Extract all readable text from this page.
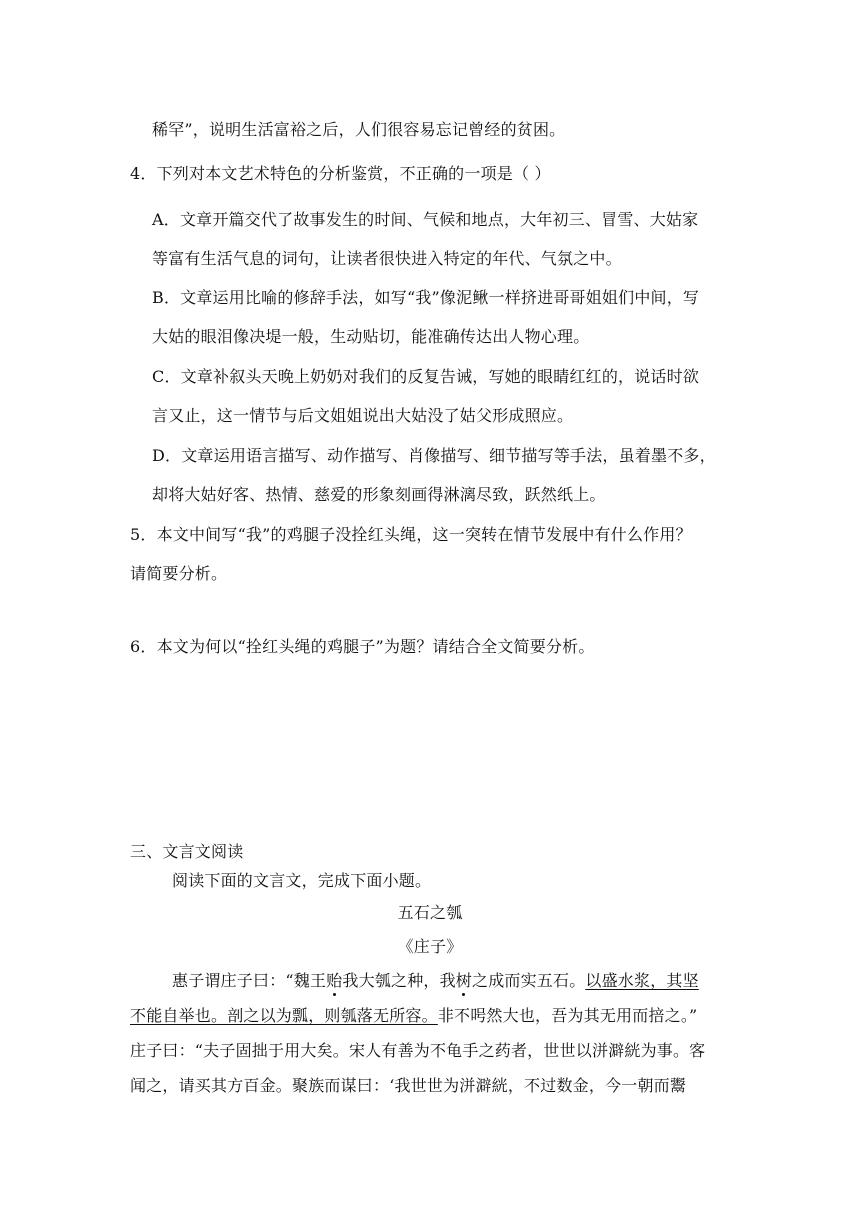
稀罕”，说明生活富裕之后，人们很容易忘记曾经的贫困。
4．下列对本文艺术特色的分析鉴赏，不正确的一项是（ ）
A．文章开篇交代了故事发生的时间、气候和地点，大年初三、冒雪、大姑家
等富有生活气息的词句，让读者很快进入特定的年代、气氛之中。
B．文章运用比喻的修辞手法，如写“我”像泥鳅一样挤进哥哥姐姐们中间，写
大姑的眼泪像决堤一般，生动贴切，能准确传达出人物心理。
C．文章补叙头天晚上奶奶对我们的反复告诫，写她的眼睛红红的，说话时欲
言又止，这一情节与后文姐姐说出大姑没了姑父形成照应。
D．文章运用语言描写、动作描写、肖像描写、细节描写等手法，虽着墨不多，
却将大姑好客、热情、慈爱的形象刻画得淋漓尽致，跃然纸上。
5．本文中间写“我”的鸡腿子没拴红头绳，这一突转在情节发展中有什么作用？
请简要分析。
6．本文为何以“拴红头绳的鸡腿子”为题？请结合全文简要分析。
三、文言文阅读
阅读下面的文言文，完成下面小题。
五石之瓠
《庄子》
惠子谓庄子曰：“魏王贻我大瓠之种，我树之成而实五石。以盛水浆，其坚
不能自举也。剖之以为瓢，则瓠落无所容。非不呺然大也，吾为其无用而掊之。”
庄子曰：“夫子固拙于用大矣。宋人有善为不龟手之药者，世世以洴澼絖为事。客
闻之，请买其方百金。聚族而谋曰：‘我世世为洴澼絖，不过数金，今一朝而鬻
